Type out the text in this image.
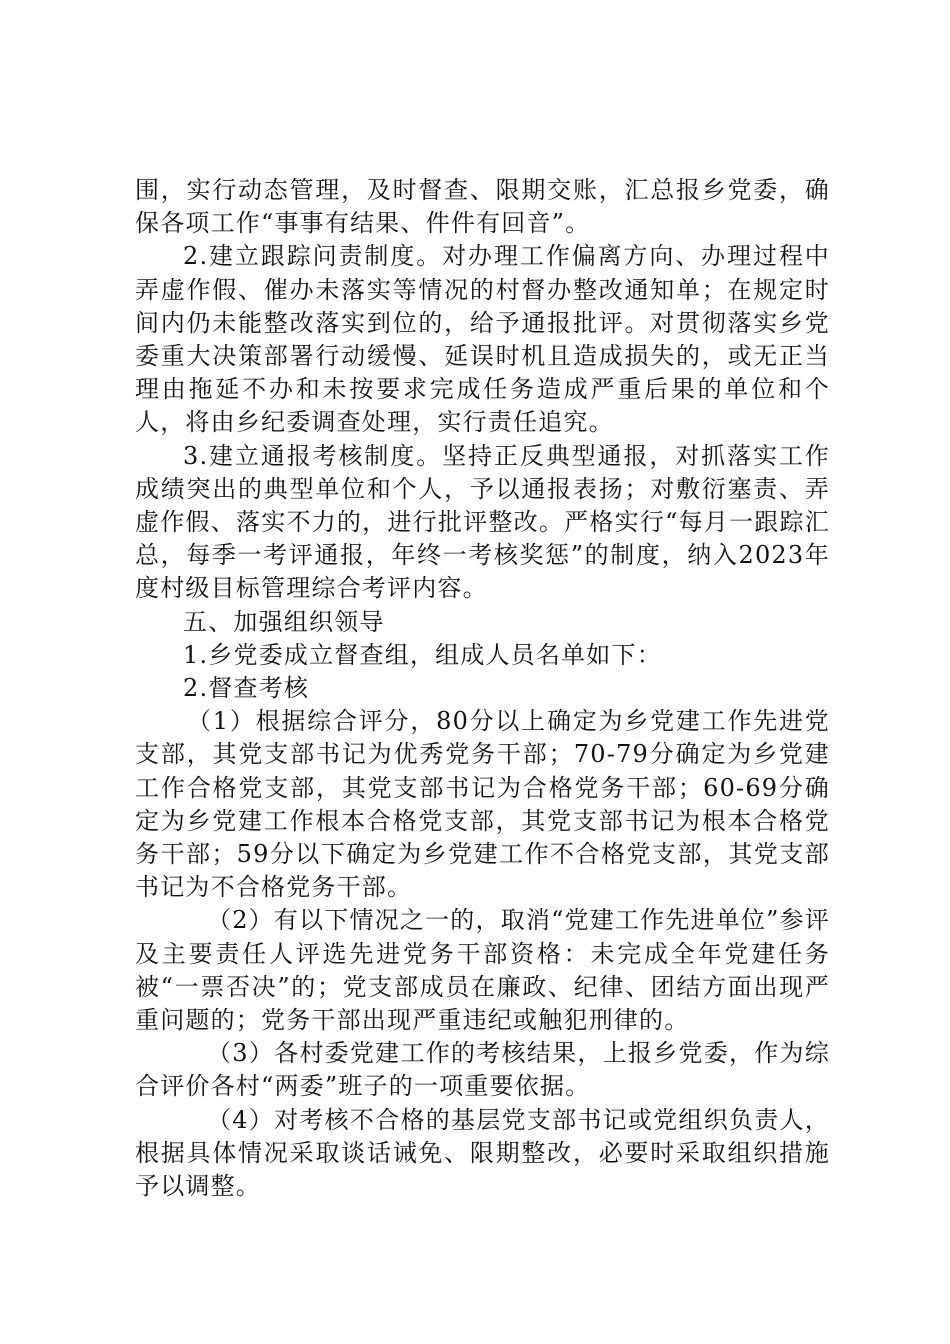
围，实行动态管理，及时督查、限期交账，汇总报乡党委，确保各项工作“事事有结果、件件有回音”。

2.建立跟踪问责制度。对办理工作偏离方向、办理过程中弄虚作假、催办未落实等情况的村督办整改通知单；在规定时间内仍未能整改落实到位的，给予通报批评。对贯彻落实乡党委重大决策部署行动缓慢、延误时机且造成损失的，或无正当理由拖延不办和未按要求完成任务造成严重后果的单位和个人，将由乡纪委调查处理，实行责任追究。

3.建立通报考核制度。坚持正反典型通报，对抓落实工作成绩突出的典型单位和个人，予以通报表扬；对敷衍塞责、弄虚作假、落实不力的，进行批评整改。严格实行“每月一跟踪汇总，每季一考评通报，年终一考核奖惩”的制度，纳入2023年度村级目标管理综合考评内容。

五、加强组织领导

1.乡党委成立督查组，组成人员名单如下：

2.督查考核

（1）根据综合评分，80分以上确定为乡党建工作先进党支部，其党支部书记为优秀党务干部；70-79分确定为乡党建工作合格党支部，其党支部书记为合格党务干部；60-69分确定为乡党建工作根本合格党支部，其党支部书记为根本合格党务干部；59分以下确定为乡党建工作不合格党支部，其党支部书记为不合格党务干部。

（2）有以下情况之一的，取消“党建工作先进单位”参评及主要责任人评选先进党务干部资格：未完成全年党建任务被“一票否决”的；党支部成员在廉政、纪律、团结方面出现严重问题的；党务干部出现严重违纪或触犯刑律的。

（3）各村委党建工作的考核结果，上报乡党委，作为综合评价各村“两委”班子的一项重要依据。

（4）对考核不合格的基层党支部书记或党组织负责人，根据具体情况采取谈话诫免、限期整改，必要时采取组织措施予以调整。
